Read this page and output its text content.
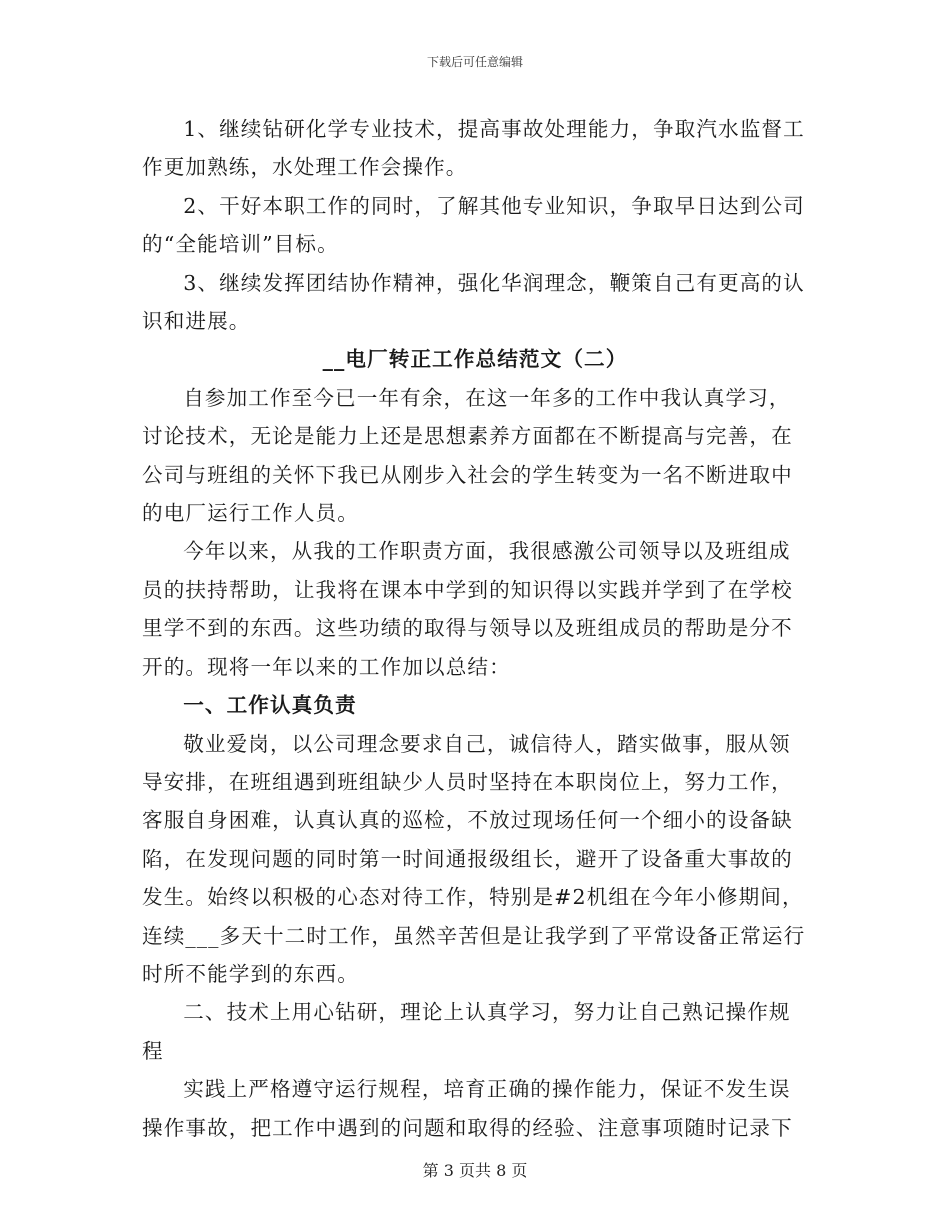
下载后可任意编辑

1、继续钻研化学专业技术，提高事故处理能力，争取汽水监督工作更加熟练，水处理工作会操作。

2、干好本职工作的同时，了解其他专业知识，争取早日达到公司的“全能培训”目标。

3、继续发挥团结协作精神，强化华润理念，鞭策自己有更高的认识和进展。

__电厂转正工作总结范文（二）

自参加工作至今已一年有余，在这一年多的工作中我认真学习，讨论技术，无论是能力上还是思想素养方面都在不断提高与完善，在公司与班组的关怀下我已从刚步入社会的学生转变为一名不断进取中的电厂运行工作人员。

今年以来，从我的工作职责方面，我很感激公司领导以及班组成员的扶持帮助，让我将在课本中学到的知识得以实践并学到了在学校里学不到的东西。这些功绩的取得与领导以及班组成员的帮助是分不开的。现将一年以来的工作加以总结：

一、工作认真负责

敬业爱岗，以公司理念要求自己，诚信待人，踏实做事，服从领导安排，在班组遇到班组缺少人员时坚持在本职岗位上，努力工作，客服自身困难，认真认真的巡检，不放过现场任何一个细小的设备缺陷，在发现问题的同时第一时间通报级组长，避开了设备重大事故的发生。始终以积极的心态对待工作，特别是#2机组在今年小修期间，连续___多天十二时工作，虽然辛苦但是让我学到了平常设备正常运行时所不能学到的东西。

二、技术上用心钻研，理论上认真学习，努力让自己熟记操作规程

实践上严格遵守运行规程，培育正确的操作能力，保证不发生误操作事故，把工作中遇到的问题和取得的经验、注意事项随时记录下

第 3 页共 8 页
